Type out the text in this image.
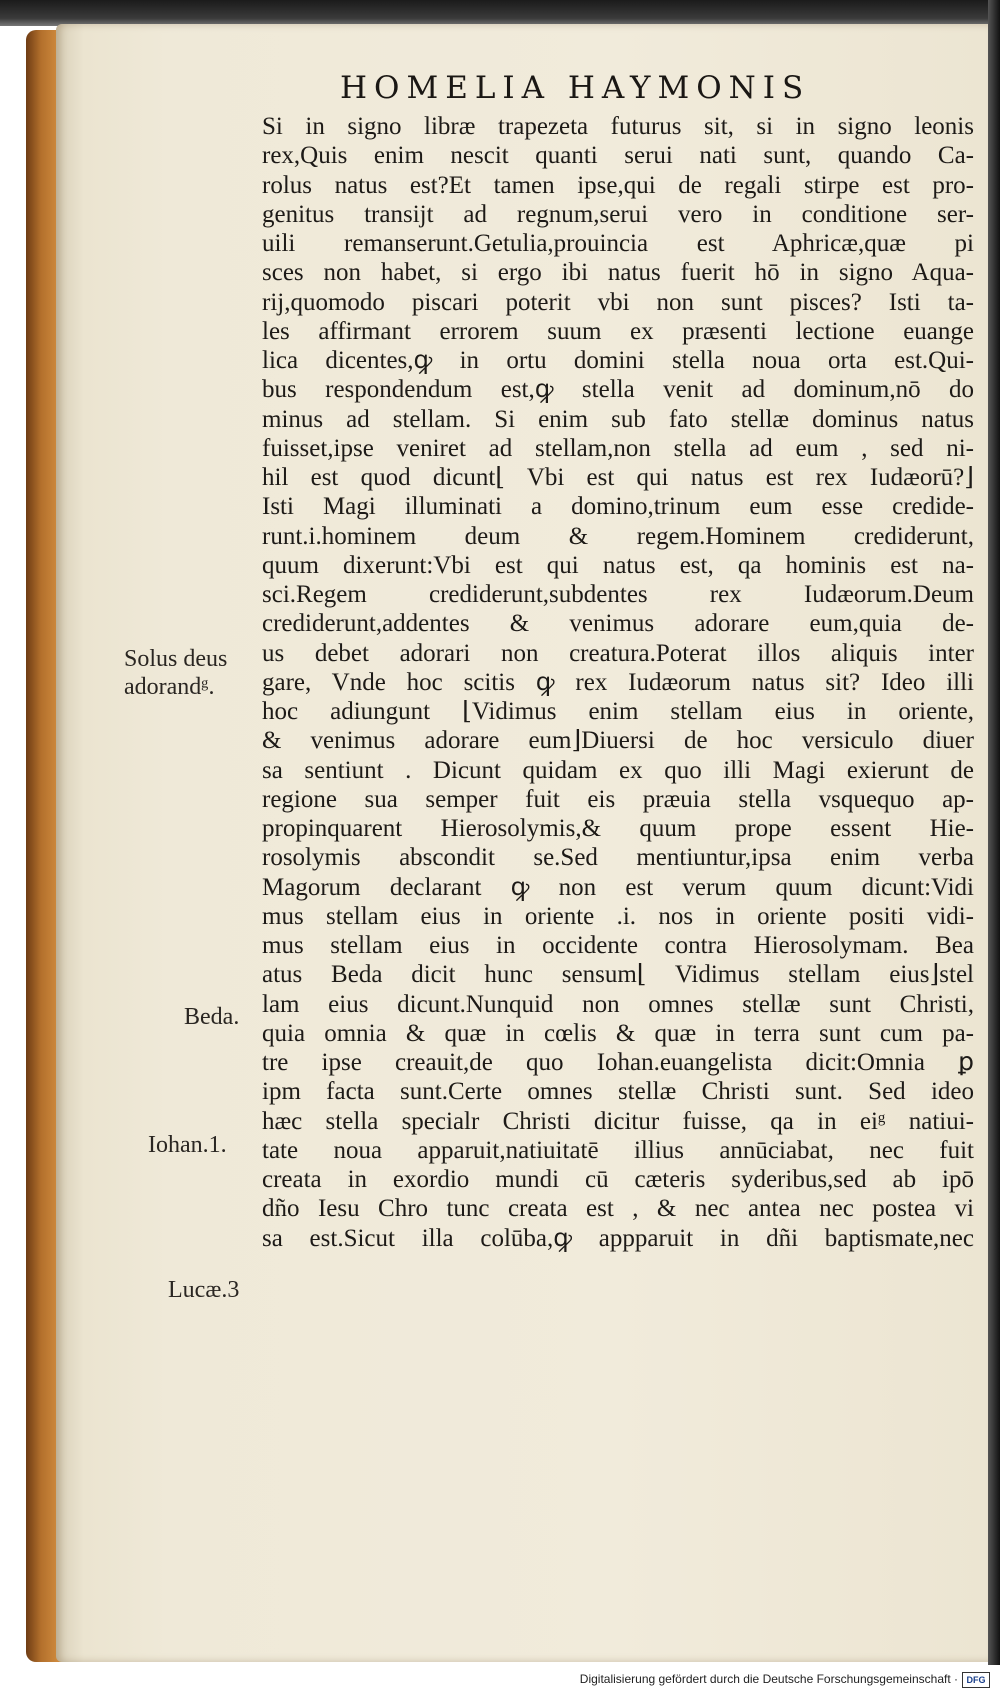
HOMELIA HAYMONIS
Si in signo libræ trapezeta futurus sit, si in signo leonis
rex,Quis enim nescit quanti serui nati sunt, quando Ca-
rolus natus est?Et tamen ipse,qui de regali stirpe est pro-
genitus transijt ad regnum,serui vero in conditione ser-
uili remanserunt.Getulia,prouincia est Aphricæ,quæ pi
sces non habet, si ergo ibi natus fuerit hō in signo Aqua-
rij,quomodo piscari poterit vbi non sunt pisces? Isti ta-
les affirmant errorem suum ex præsenti lectione euange
lica dicentes,ꝙ in ortu domini stella noua orta est.Qui-
bus respondendum est,ꝙ stella venit ad dominum,nō do
minus ad stellam. Si enim sub fato stellæ dominus natus
fuisset,ipse veniret ad stellam,non stella ad eum , sed ni-
hil est quod dicunt⌊ Vbi est qui natus est rex Iudæorū?⌋
Isti Magi illuminati a domino,trinum eum esse credide-
runt.i.hominem deum & regem.Hominem crediderunt,
quum dixerunt:Vbi est qui natus est, qa hominis est na-
sci.Regem crediderunt,subdentes rex Iudæorum.Deum
crediderunt,addentes & venimus adorare eum,quia de-
us debet adorari non creatura.Poterat illos aliquis inter
gare, Vnde hoc scitis ꝙ rex Iudæorum natus sit? Ideo illi
hoc adiungunt ⌊Vidimus enim stellam eius in oriente,
& venimus adorare eum⌋Diuersi de hoc versiculo diuer
sa sentiunt . Dicunt quidam ex quo illi Magi exierunt de
regione sua semper fuit eis præuia stella vsquequo ap-
propinquarent Hierosolymis,& quum prope essent Hie-
rosolymis abscondit se.Sed mentiuntur,ipsa enim verba
Magorum declarant ꝙ non est verum quum dicunt:Vidi
mus stellam eius in oriente .i. nos in oriente positi vidi-
mus stellam eius in occidente contra Hierosolymam. Bea
atus Beda dicit hunc sensum⌊ Vidimus stellam eius⌋stel
lam eius dicunt.Nunquid non omnes stellæ sunt Christi,
quia omnia & quæ in cœlis & quæ in terra sunt cum pa-
tre ipse creauit,de quo Iohan.euangelista dicit:Omnia ꝑ
ipm facta sunt.Certe omnes stellæ Christi sunt. Sed ideo
hæc stella specialr Christi dicitur fuisse, qa in eiᵍ natiui-
tate noua apparuit,natiuitatē illius annūciabat, nec fuit
creata in exordio mundi cū cæteris syderibus,sed ab ipō
dño Iesu Chro tunc creata est , & nec antea nec postea vi
sa est.Sicut illa colūba,ꝙ appparuit in dñi baptismate,nec
Solus deus
adorandᵍ.
Beda.
Iohan.1.
Lucæ.3
Digitalisierung gefördert durch die Deutsche Forschungsgemeinschaft · DFG
